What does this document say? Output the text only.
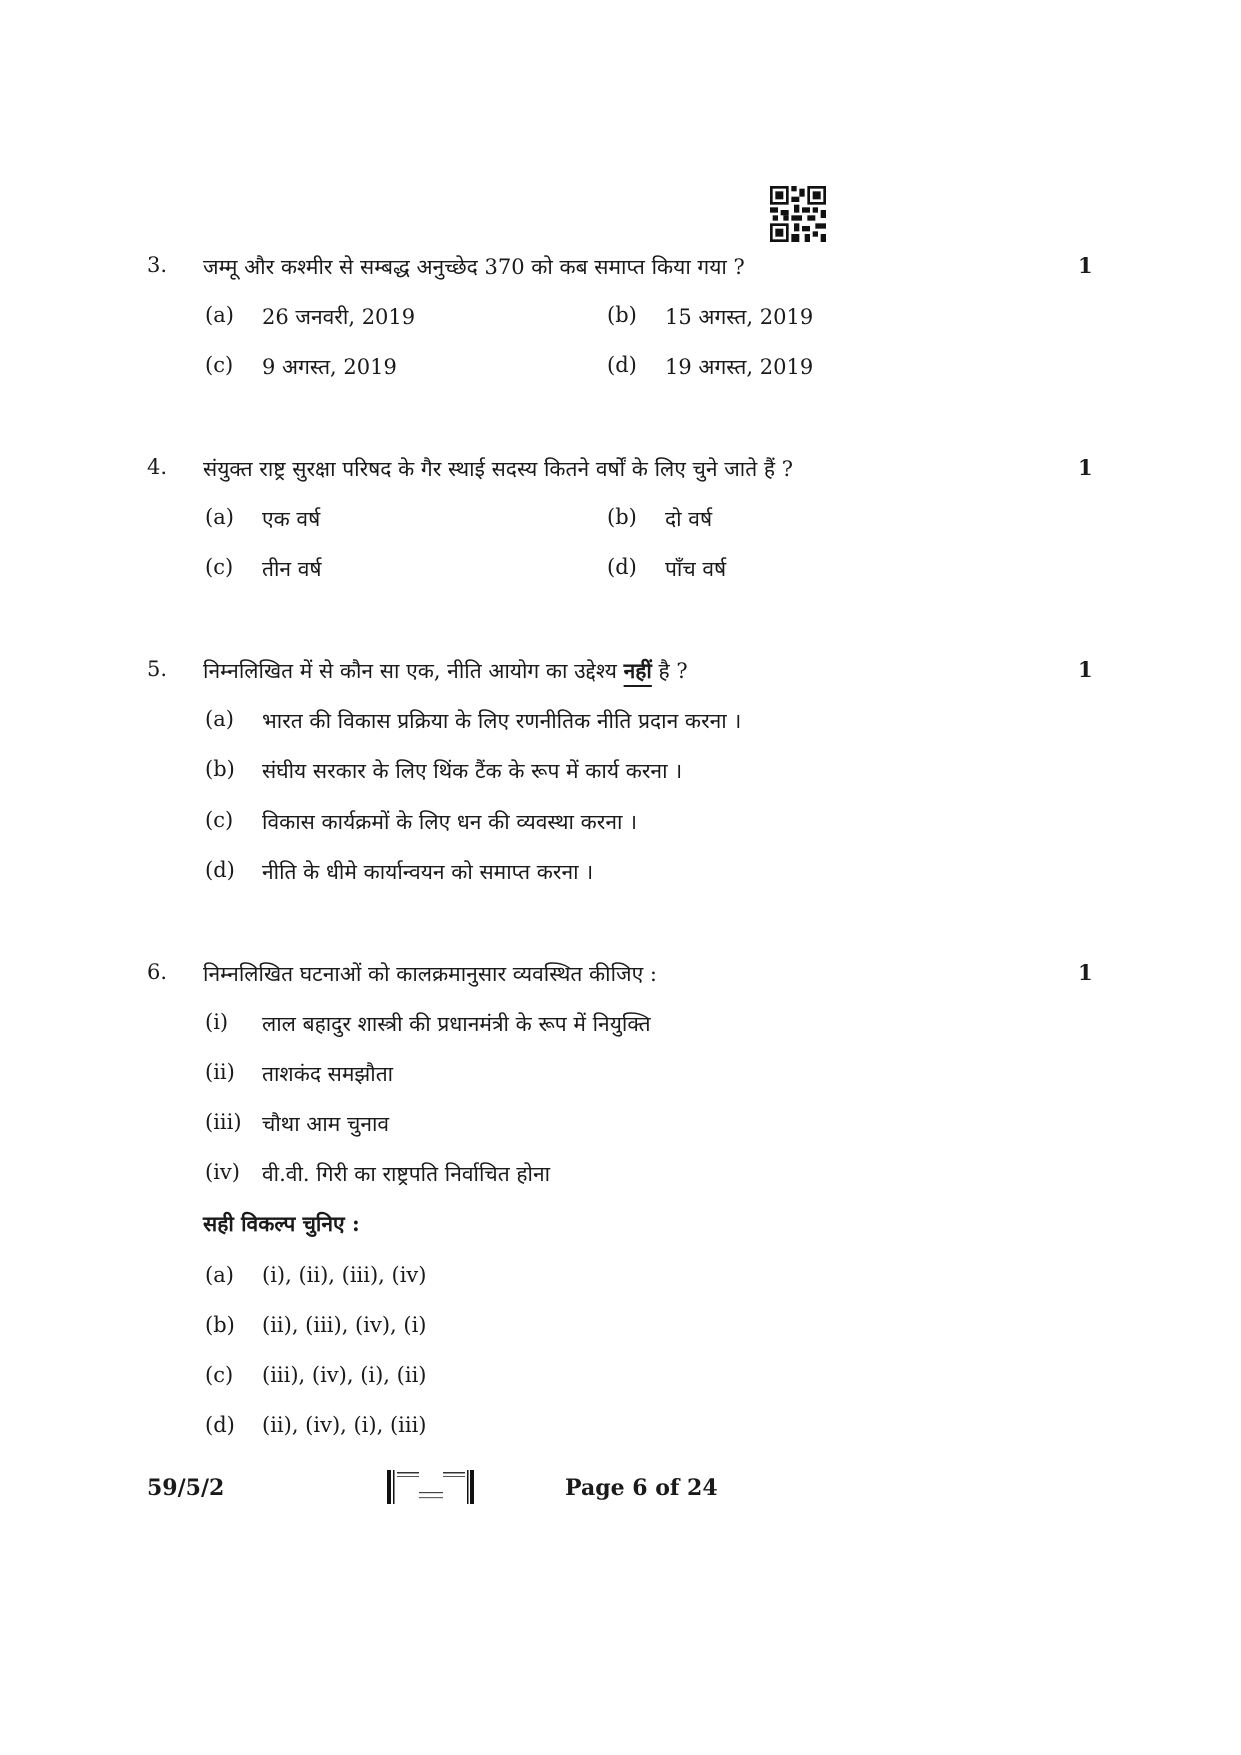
3. जम्मू और कश्मीर से सम्बद्ध अनुच्छेद 370 को कब समाप्त किया गया ?	1
(a) 26 जनवरी, 2019	(b) 15 अगस्त, 2019
(c) 9 अगस्त, 2019	(d) 19 अगस्त, 2019
4. संयुक्त राष्ट्र सुरक्षा परिषद के गैर स्थाई सदस्य कितने वर्षों के लिए चुने जाते हैं ?	1
(a) एक वर्ष	(b) दो वर्ष
(c) तीन वर्ष	(d) पाँच वर्ष
5. निम्नलिखित में से कौन सा एक, नीति आयोग का उद्देश्य नहीं है ?	1
(a) भारत की विकास प्रक्रिया के लिए रणनीतिक नीति प्रदान करना ।
(b) संघीय सरकार के लिए थिंक टैंक के रूप में कार्य करना ।
(c) विकास कार्यक्रमों के लिए धन की व्यवस्था करना ।
(d) नीति के धीमे कार्यान्वयन को समाप्त करना ।
6. निम्नलिखित घटनाओं को कालक्रमानुसार व्यवस्थित कीजिए :	1
(i) लाल बहादुर शास्त्री की प्रधानमंत्री के रूप में नियुक्ति
(ii) ताशकंद समझौता
(iii) चौथा आम चुनाव
(iv) वी.वी. गिरी का राष्ट्रपति निर्वाचित होना
सही विकल्प चुनिए :
(a) (i), (ii), (iii), (iv)
(b) (ii), (iii), (iv), (i)
(c) (iii), (iv), (i), (ii)
(d) (ii), (iv), (i), (iii)
59/5/2	Page 6 of 24
